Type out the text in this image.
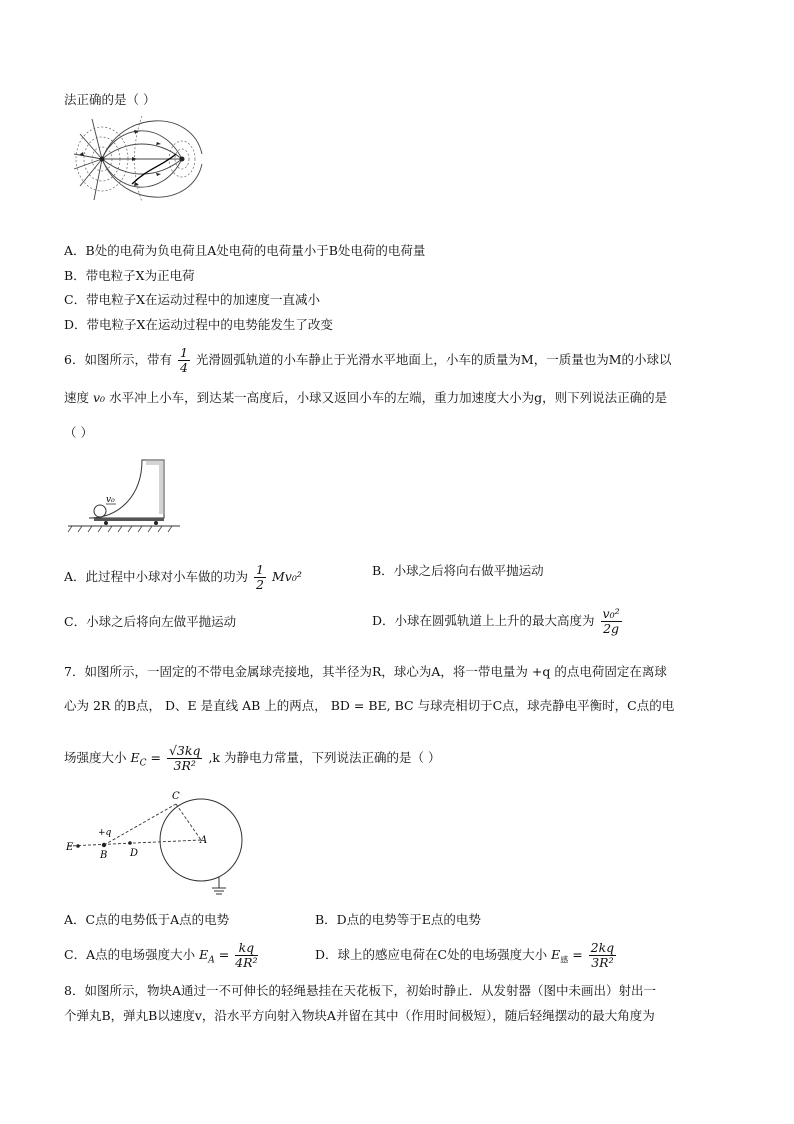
法正确的是（ ）
A．B处的电荷为负电荷且A处电荷的电荷量小于B处电荷的电荷量
B．带电粒子X为正电荷
C．带电粒子X在运动过程中的加速度一直减小
D．带电粒子X在运动过程中的电势能发生了改变
6．如图所示，带有 $\frac{1}{4}$ 光滑圆弧轨道的小车静止于光滑水平地面上，小车的质量为M，一质量也为M的小球以
速度 v₀ 水平冲上小车，到达某一高度后，小球又返回小车的左端，重力加速度大小为g，则下列说法正确的是
（ ）
v₀
A．此过程中小球对小车做的功为 $\frac{1}{2} Mv_0^2$	B．小球之后将向右做平抛运动
C．小球之后将向左做平抛运动	D．小球在圆弧轨道上上升的最大高度为 $\frac{\text{v₀²}}{2g}$
7．如图所示，一固定的不带电金属球壳接地，其半径为R，球心为A，将一带电量为 +q 的点电荷固定在离球
心为 2R 的B点， D、E 是直线 AB 上的两点， BD = BE, BC 与球壳相切于C点，球壳静电平衡时，C点的电
场强度大小 $E_C = \frac{√3kq}{\text{3R²}} ,k$ 为静电力常量，下列说法正确的是（ ）
C
+q
E
B D
A
A．C点的电势低于A点的电势	B．D点的电势等于E点的电势
C．A点的电场强度大小 $E_A = \frac{kq}{\text{4R²}}$	D．球上的感应电荷在C处的电场强度大小 $E_感 = \frac{2kq}{\text{3R²}}$
8．如图所示，物块A通过一不可伸长的轻绳悬挂在天花板下，初始时静止．从发射器（图中未画出）射出一
个弹丸B，弹丸B以速度v，沿水平方向射入物块A并留在其中（作用时间极短），随后轻绳摆动的最大角度为
